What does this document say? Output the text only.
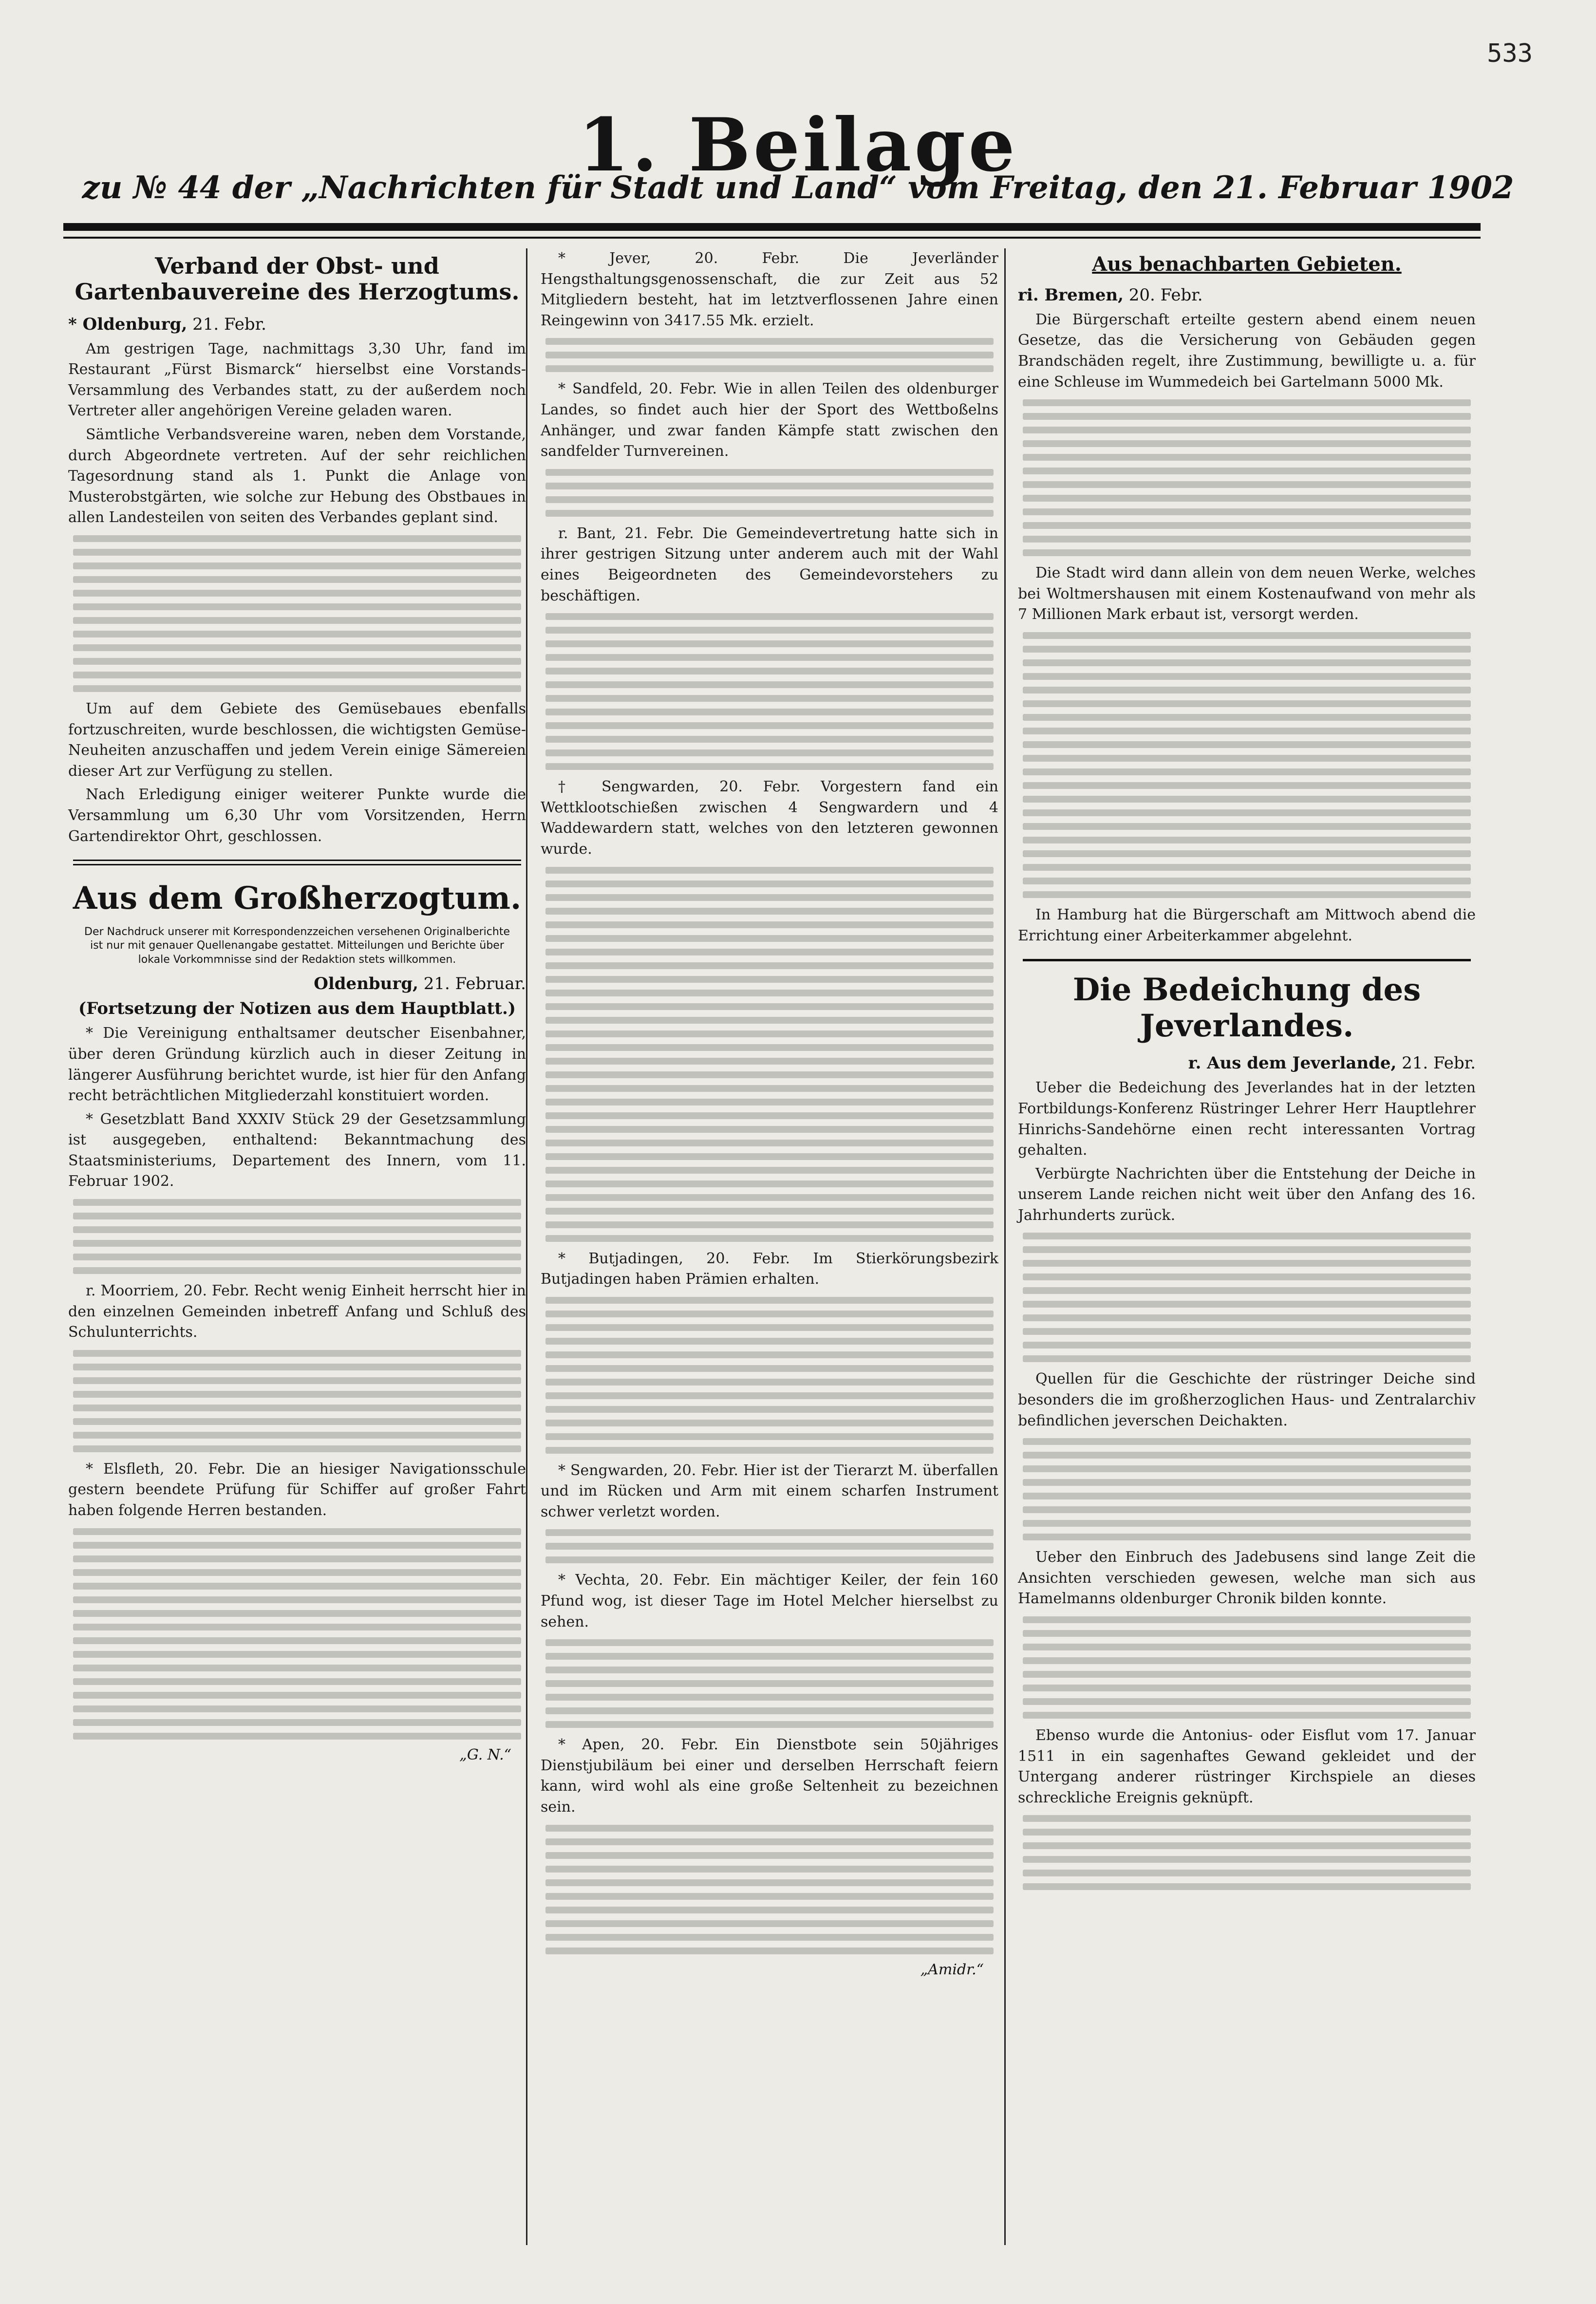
533
1. Beilage
zu № 44 der „Nachrichten für Stadt und Land“ vom Freitag, den 21. Februar 1902
Verband der Obst- und Gartenbauvereine des Herzogtums.
* Oldenburg, 21. Febr.

Am gestrigen Tage, nachmittags 3,30 Uhr, fand im Restaurant „Fürst Bismarck“ hierselbst eine Vorstands-Versammlung des Verbandes statt, zu der außerdem noch Vertreter aller angehörigen Vereine geladen waren.

Sämtliche Verbandsvereine waren, neben dem Vorstande, durch Abgeordnete vertreten. Auf der sehr reichlichen Tagesordnung stand als 1. Punkt die Anlage von Musterobstgärten, wie solche zur Hebung des Obstbaues in allen Landesteilen von seiten des Verbandes geplant sind.

Um auf dem Gebiete des Gemüsebaues ebenfalls fortzuschreiten, wurde beschlossen, die wichtigsten Gemüse-Neuheiten anzuschaffen und jedem Verein einige Sämereien dieser Art zur Verfügung zu stellen.

Nach Erledigung einiger weiterer Punkte wurde die Versammlung um 6,30 Uhr vom Vorsitzenden, Herrn Gartendirektor Ohrt, geschlossen.

Aus dem Großherzogtum.
Der Nachdruck unserer mit Korrespondenzzeichen versehenen Originalberichte ist nur mit genauer Quellenangabe gestattet. Mitteilungen und Berichte über lokale Vorkommnisse sind der Redaktion stets willkommen.
Oldenburg, 21. Februar.
(Fortsetzung der Notizen aus dem Hauptblatt.)

* Die Vereinigung enthaltsamer deutscher Eisenbahner, über deren Gründung kürzlich auch in dieser Zeitung in längerer Ausführung berichtet wurde, ist hier für den Anfang recht beträchtlichen Mitgliederzahl konstituiert worden.

* Gesetzblatt Band XXXIV Stück 29 der Gesetzsammlung ist ausgegeben, enthaltend: Bekanntmachung des Staatsministeriums, Departement des Innern, vom 11. Februar 1902.

r. Moorriem, 20. Febr. Recht wenig Einheit herrscht hier in den einzelnen Gemeinden inbetreff Anfang und Schluß des Schulunterrichts.

* Elsfleth, 20. Febr. Die an hiesiger Navigationsschule gestern beendete Prüfung für Schiffer auf großer Fahrt haben folgende Herren bestanden.

„G. N.“

* Jever, 20. Febr. Die Jeverländer Hengsthaltungsgenossenschaft, die zur Zeit aus 52 Mitgliedern besteht, hat im letztverflossenen Jahre einen Reingewinn von 3417.55 Mk. erzielt.

* Sandfeld, 20. Febr. Wie in allen Teilen des oldenburger Landes, so findet auch hier der Sport des Wettboßelns Anhänger, und zwar fanden Kämpfe statt zwischen den sandfelder Turnvereinen.

r. Bant, 21. Febr. Die Gemeindevertretung hatte sich in ihrer gestrigen Sitzung unter anderem auch mit der Wahl eines Beigeordneten des Gemeindevorstehers zu beschäftigen.

† Sengwarden, 20. Febr. Vorgestern fand ein Wettklootschießen zwischen 4 Sengwardern und 4 Waddewardern statt, welches von den letzteren gewonnen wurde.

* Butjadingen, 20. Febr. Im Stierkörungsbezirk Butjadingen haben Prämien erhalten.

* Sengwarden, 20. Febr. Hier ist der Tierarzt M. überfallen und im Rücken und Arm mit einem scharfen Instrument schwer verletzt worden.

* Vechta, 20. Febr. Ein mächtiger Keiler, der fein 160 Pfund wog, ist dieser Tage im Hotel Melcher hierselbst zu sehen.

* Apen, 20. Febr. Ein Dienstbote sein 50jähriges Dienstjubiläum bei einer und derselben Herrschaft feiern kann, wird wohl als eine große Seltenheit zu bezeichnen sein.

„Amidr.“
Aus benachbarten Gebieten.
ri. Bremen, 20. Febr.

Die Bürgerschaft erteilte gestern abend einem neuen Gesetze, das die Versicherung von Gebäuden gegen Brandschäden regelt, ihre Zustimmung, bewilligte u. a. für eine Schleuse im Wummedeich bei Gartelmann 5000 Mk.

Die Stadt wird dann allein von dem neuen Werke, welches bei Woltmershausen mit einem Kostenaufwand von mehr als 7 Millionen Mark erbaut ist, versorgt werden.

In Hamburg hat die Bürgerschaft am Mittwoch abend die Errichtung einer Arbeiterkammer abgelehnt.

Die Bedeichung des Jeverlandes.
r. Aus dem Jeverlande, 21. Febr.

Ueber die Bedeichung des Jeverlandes hat in der letzten Fortbildungs-Konferenz Rüstringer Lehrer Herr Hauptlehrer Hinrichs-Sandehörne einen recht interessanten Vortrag gehalten.

Verbürgte Nachrichten über die Entstehung der Deiche in unserem Lande reichen nicht weit über den Anfang des 16. Jahrhunderts zurück.

Quellen für die Geschichte der rüstringer Deiche sind besonders die im großherzoglichen Haus- und Zentralarchiv befindlichen jeverschen Deichakten.

Ueber den Einbruch des Jadebusens sind lange Zeit die Ansichten verschieden gewesen, welche man sich aus Hamelmanns oldenburger Chronik bilden konnte.

Ebenso wurde die Antonius- oder Eisflut vom 17. Januar 1511 in ein sagenhaftes Gewand gekleidet und der Untergang anderer rüstringer Kirchspiele an dieses schreckliche Ereignis geknüpft.
